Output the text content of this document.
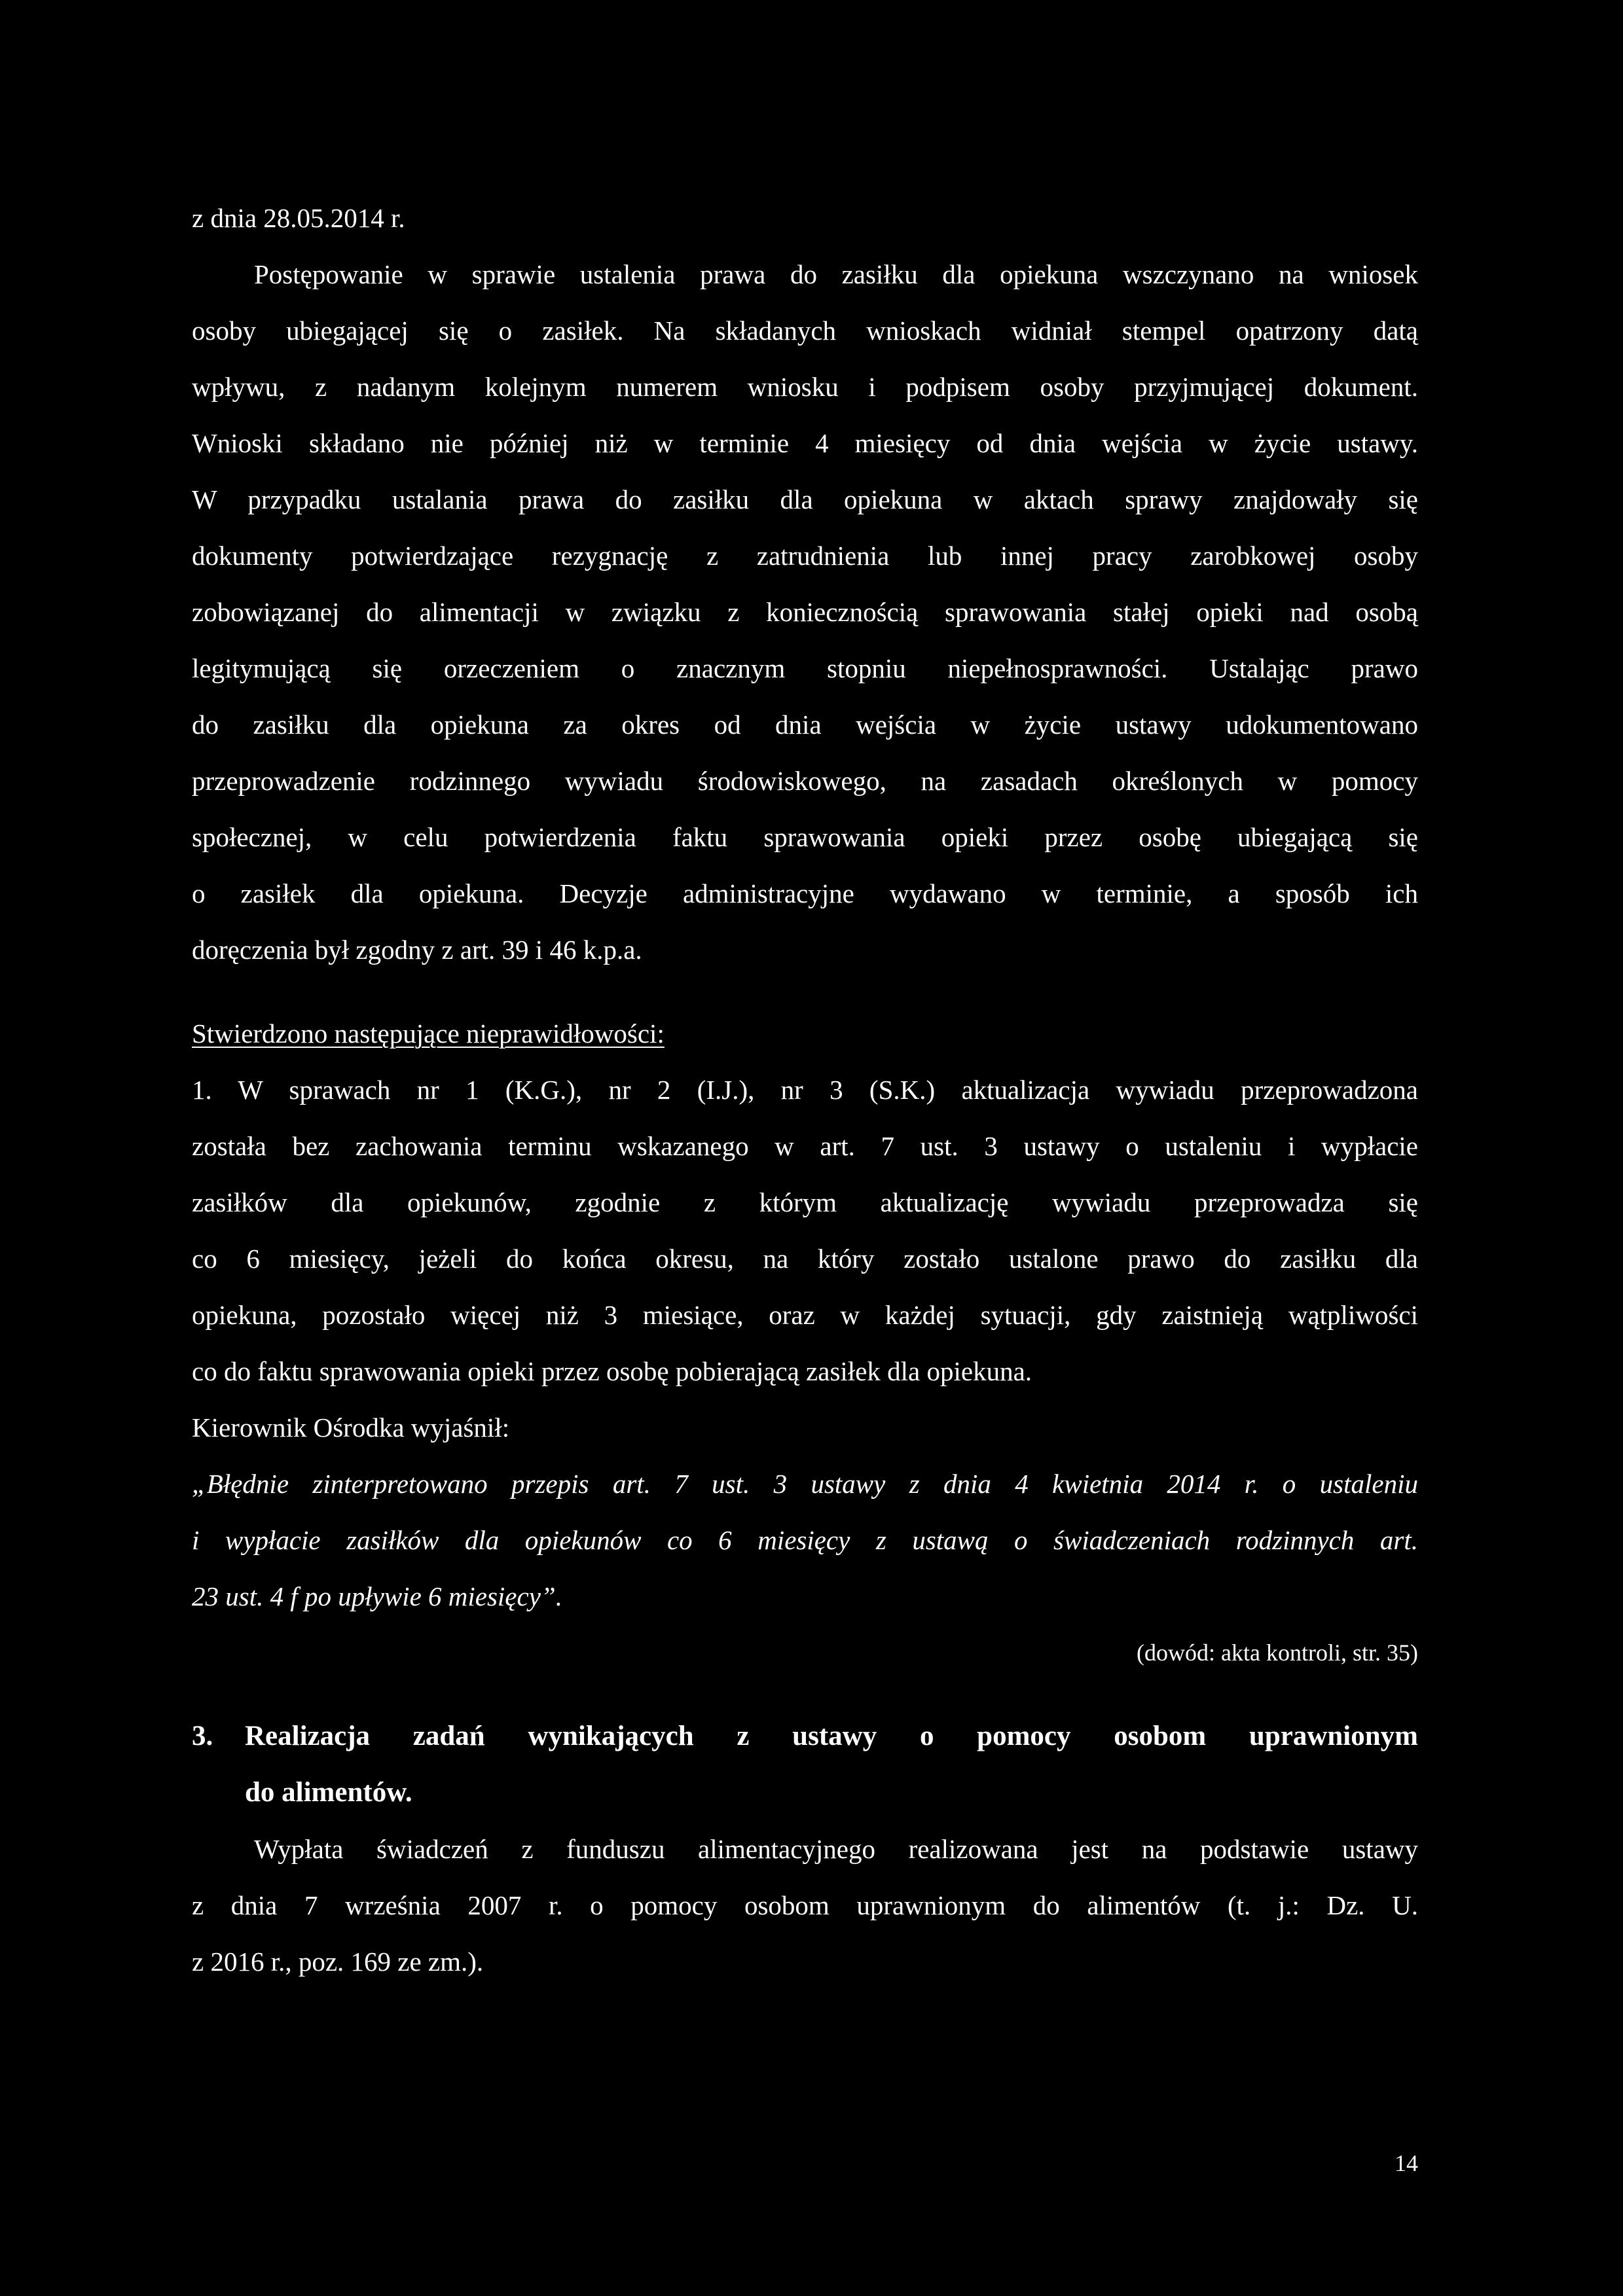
z dnia 28.05.2014 r.
Postępowanie w sprawie ustalenia prawa do zasiłku dla opiekuna wszczynano na wniosek
osoby ubiegającej się o zasiłek. Na składanych wnioskach widniał stempel opatrzony datą
wpływu, z nadanym kolejnym numerem wniosku i podpisem osoby przyjmującej dokument.
Wnioski składano nie później niż w terminie 4 miesięcy od dnia wejścia w życie ustawy.
W przypadku ustalania prawa do zasiłku dla opiekuna w aktach sprawy znajdowały się
dokumenty potwierdzające rezygnację z zatrudnienia lub innej pracy zarobkowej osoby
zobowiązanej do alimentacji w związku z koniecznością sprawowania stałej opieki nad osobą
legitymującą się orzeczeniem o znacznym stopniu niepełnosprawności. Ustalając prawo
do zasiłku dla opiekuna za okres od dnia wejścia w życie ustawy udokumentowano
przeprowadzenie rodzinnego wywiadu środowiskowego, na zasadach określonych w pomocy
społecznej, w celu potwierdzenia faktu sprawowania opieki przez osobę ubiegającą się
o zasiłek dla opiekuna. Decyzje administracyjne wydawano w terminie, a sposób ich
doręczenia był zgodny z art. 39 i 46 k.p.a.
Stwierdzono następujące nieprawidłowości:
1. W sprawach nr 1 (K.G.), nr 2 (I.J.), nr 3 (S.K.) aktualizacja wywiadu przeprowadzona
została bez zachowania terminu wskazanego w art. 7 ust. 3 ustawy o ustaleniu i wypłacie
zasiłków dla opiekunów, zgodnie z którym aktualizację wywiadu przeprowadza się
co 6 miesięcy, jeżeli do końca okresu, na który zostało ustalone prawo do zasiłku dla
opiekuna, pozostało więcej niż 3 miesiące, oraz w każdej sytuacji, gdy zaistnieją wątpliwości
co do faktu sprawowania opieki przez osobę pobierającą zasiłek dla opiekuna.
Kierownik Ośrodka wyjaśnił:
„Błędnie zinterpretowano przepis art. 7 ust. 3 ustawy z dnia 4 kwietnia 2014 r. o ustaleniu
i wypłacie zasiłków dla opiekunów co 6 miesięcy z ustawą o świadczeniach rodzinnych art.
23 ust. 4 f po upływie 6 miesięcy”.
(dowód: akta kontroli, str. 35)
3.	Realizacja zadań wynikających z ustawy o pomocy osobom uprawnionym
do alimentów.
Wypłata świadczeń z funduszu alimentacyjnego realizowana jest na podstawie ustawy
z dnia 7 września 2007 r. o pomocy osobom uprawnionym do alimentów (t. j.: Dz. U.
z 2016 r., poz. 169 ze zm.).
14
